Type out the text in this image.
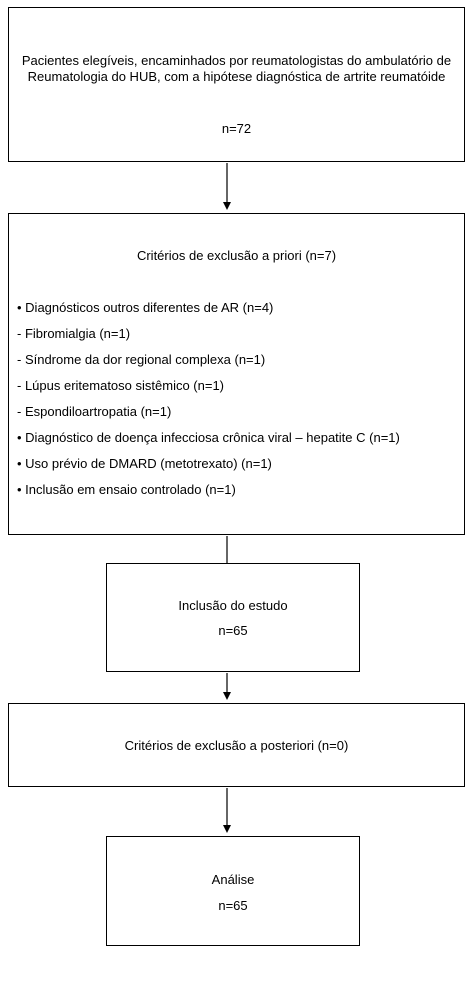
Pacientes elegíveis, encaminhados por reumatologistas do ambulatório de Reumatologia do HUB, com a hipótese diagnóstica de artrite reumatóide
n=72
Critérios de exclusão a priori (n=7)
• Diagnósticos outros diferentes de AR (n=4)
- Fibromialgia (n=1)
- Síndrome da dor regional complexa (n=1)
- Lúpus eritematoso sistêmico (n=1)
- Espondiloartropatia (n=1)
• Diagnóstico de doença infecciosa crônica viral – hepatite C (n=1)
• Uso prévio de DMARD (metotrexato) (n=1)
• Inclusão em ensaio controlado (n=1)
Inclusão do estudo
n=65
Critérios de exclusão a posteriori (n=0)
Análise
n=65
